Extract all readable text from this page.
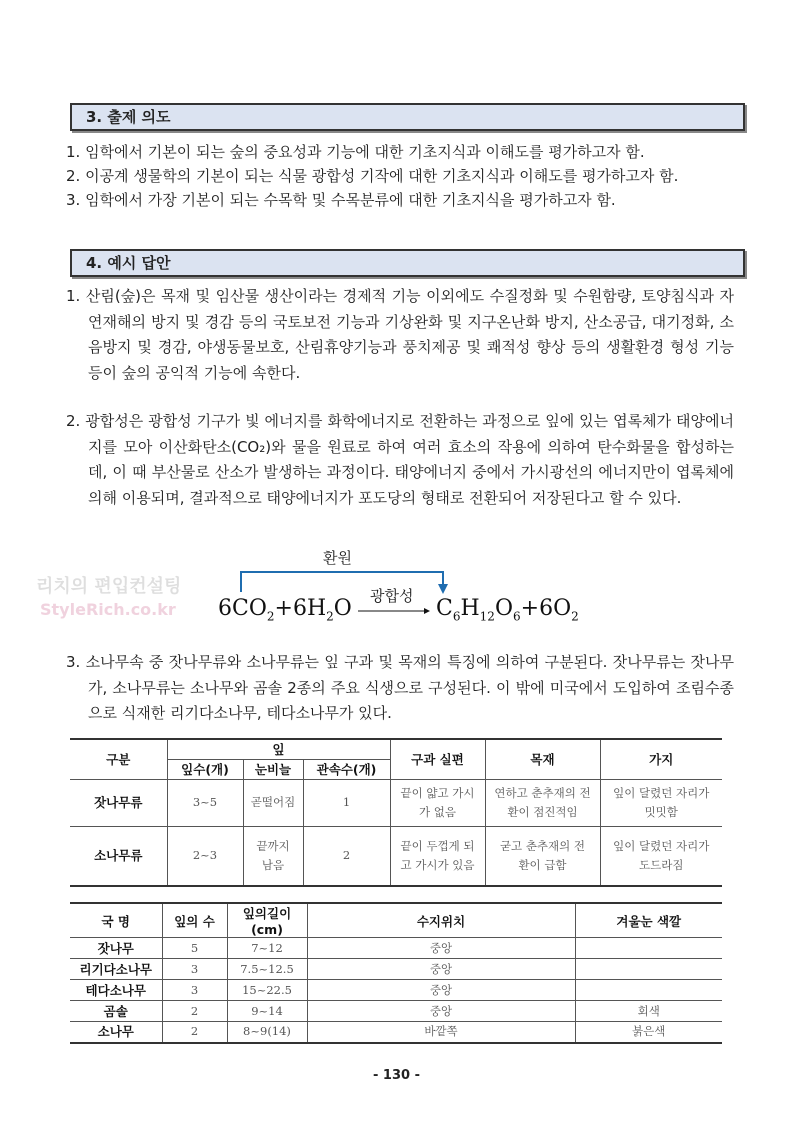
3. 출제 의도
1. 임학에서 기본이 되는 숲의 중요성과 기능에 대한 기초지식과 이해도를 평가하고자 함.
2. 이공계 생물학의 기본이 되는 식물 광합성 기작에 대한 기초지식과 이해도를 평가하고자 함.
3. 임학에서 가장 기본이 되는 수목학 및 수목분류에 대한 기초지식을 평가하고자 함.
4. 예시 답안
1. 산림(숲)은 목재 및 임산물 생산이라는 경제적 기능 이외에도 수질정화 및 수원함량, 토양침식과 자연재해의 방지 및 경감 등의 국토보전 기능과 기상완화 및 지구온난화 방지, 산소공급, 대기정화, 소음방지 및 경감, 야생동물보호, 산림휴양기능과 풍치제공 및 쾌적성 향상 등의 생활환경 형성 기능 등이 숲의 공익적 기능에 속한다.
2. 광합성은 광합성 기구가 빛 에너지를 화학에너지로 전환하는 과정으로 잎에 있는 엽록체가 태양에너지를 모아 이산화탄소(CO₂)와 물을 원료로 하여 여러 효소의 작용에 의하여 탄수화물을 합성하는데, 이 때 부산물로 산소가 발생하는 과정이다. 태양에너지 중에서 가시광선의 에너지만이 엽록체에 의해 이용되며, 결과적으로 태양에너지가 포도당의 형태로 전환되어 저장된다고 할 수 있다.
리치의 편입컨설팅
StyleRich.co.kr
환원
광합성
$6CO_2+6H_2O$	$C_6H_{12}O_6+6O_2$
3. 소나무속 중 잣나무류와 소나무류는 잎 구과 및 목재의 특징에 의하여 구분된다. 잣나무류는 잣나무가, 소나무류는 소나무와 곰솔 2종의 주요 식생으로 구성된다. 이 밖에 미국에서 도입하여 조림수종으로 식재한 리기다소나무, 테다소나무가 있다.
구분	잎			구과 실편	목재	가지
	잎수(개)	눈비늘	관속수(개)			
잣나무류	3~5	곧떨어짐	1	끝이 얇고 가시가 없음	연하고 춘추재의 전환이 점진적임	잎이 달렸던 자리가 밋밋함
소나무류	2~3	끝까지 남음	2	끝이 두껍게 되고 가시가 있음	굳고 춘추재의 전환이 급함	잎이 달렸던 자리가 도드라짐
국 명	잎의 수	잎의길이(cm)	수지위치	겨울눈 색깔
잣나무	5	7~12	중앙	
리기다소나무	3	7.5~12.5	중앙	
테다소나무	3	15~22.5	중앙	
곰솔	2	9~14	중앙	회색
소나무	2	8~9(14)	바깥쪽	붉은색
- 130 -
